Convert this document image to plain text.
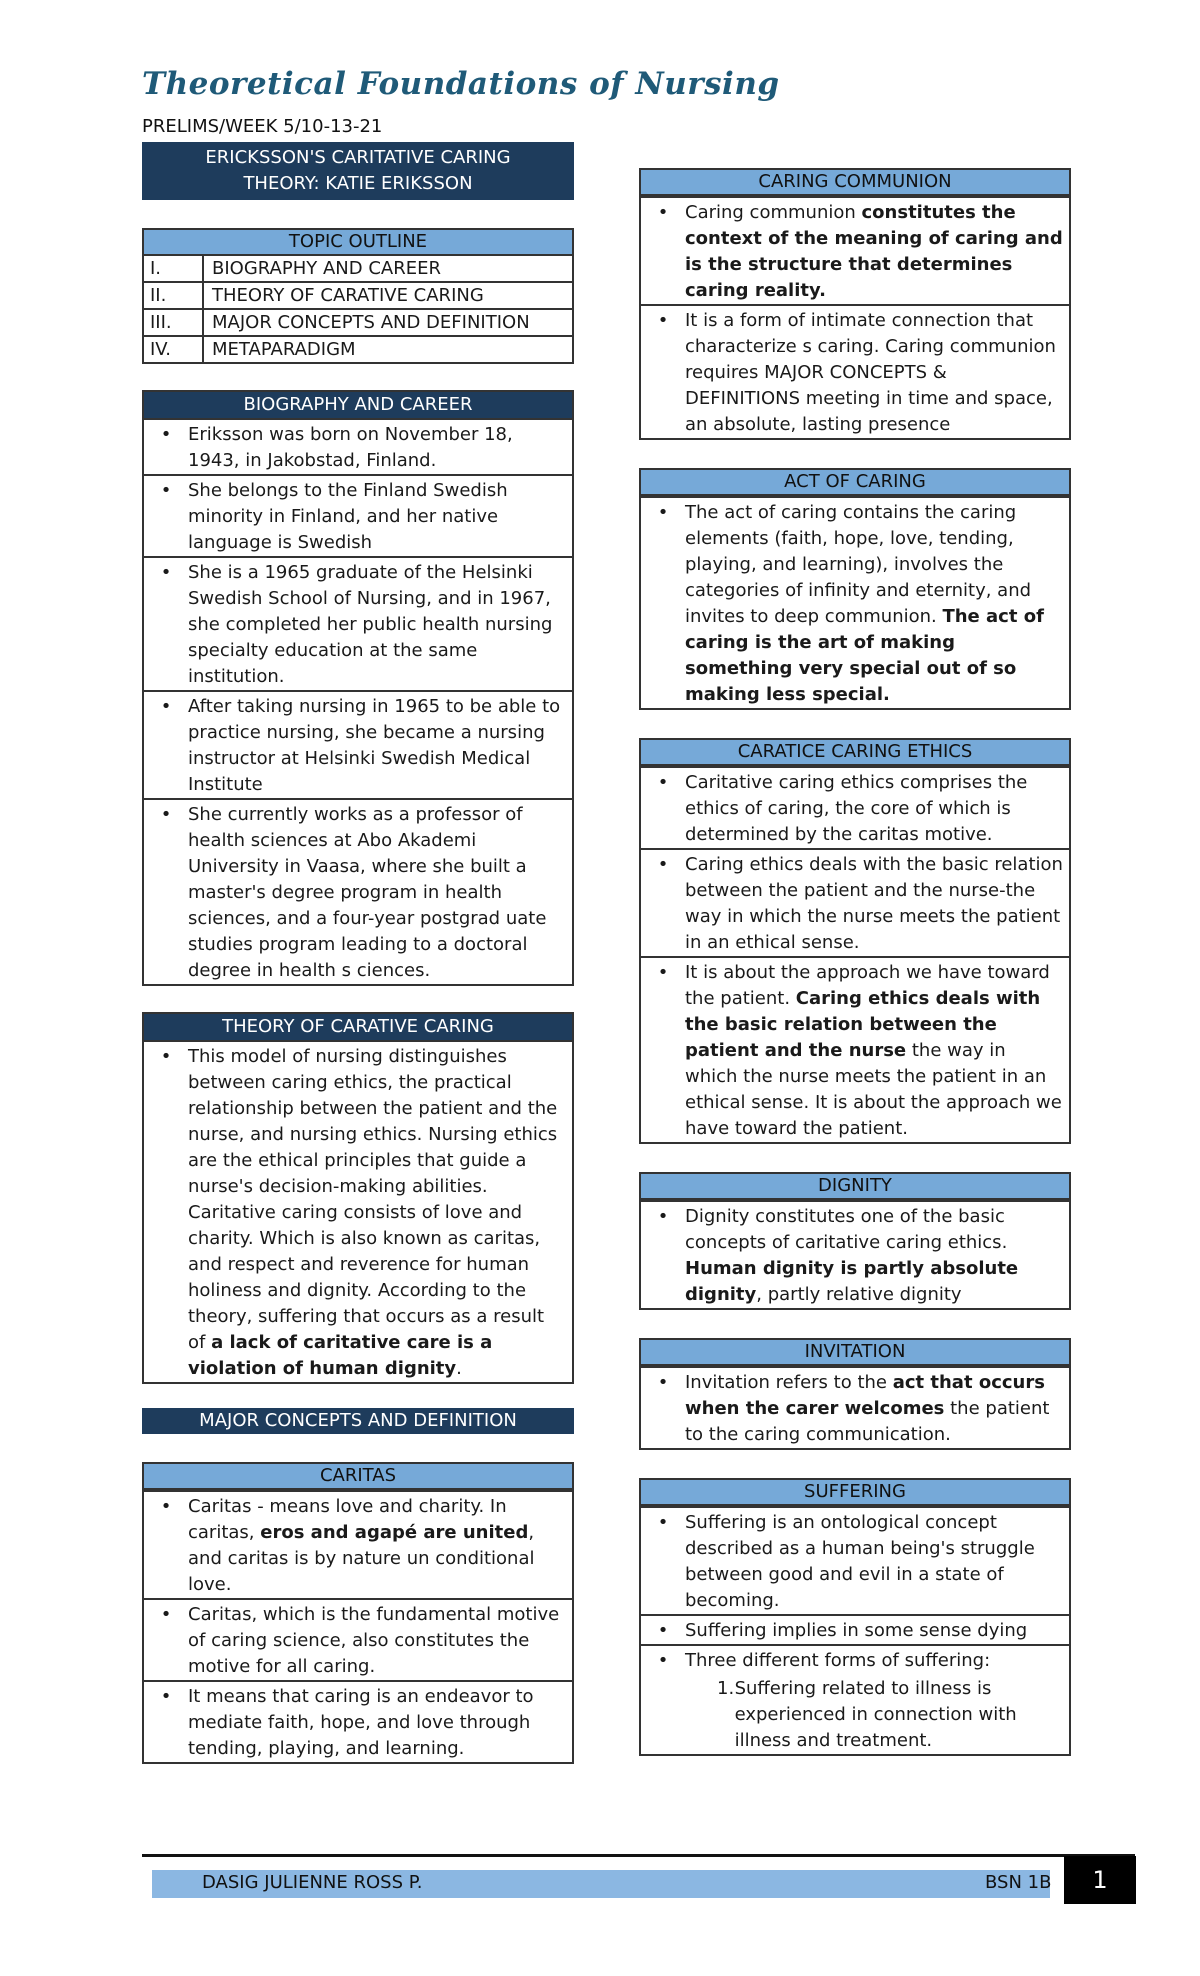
Theoretical Foundations of Nursing
PRELIMS/WEEK 5/10-13-21
ERICKSSON'S CARITATIVE CARING
THEORY: KATIE ERIKSSON
TOPIC OUTLINE
I.	BIOGRAPHY AND CAREER
II.	THEORY OF CARATIVE CARING
III.	MAJOR CONCEPTS AND DEFINITION
IV.	METAPARADIGM
BIOGRAPHY AND CAREER
• Eriksson was born on November 18, 1943, in Jakobstad, Finland.
• She belongs to the Finland Swedish minority in Finland, and her native language is Swedish
• She is a 1965 graduate of the Helsinki Swedish School of Nursing, and in 1967, she completed her public health nursing specialty education at the same institution.
• After taking nursing in 1965 to be able to practice nursing, she became a nursing instructor at Helsinki Swedish Medical Institute
• She currently works as a professor of health sciences at Abo Akademi University in Vaasa, where she built a master's degree program in health sciences, and a four-year postgrad uate studies program leading to a doctoral degree in health s ciences.
THEORY OF CARATIVE CARING
• This model of nursing distinguishes between caring ethics, the practical relationship between the patient and the nurse, and nursing ethics. Nursing ethics are the ethical principles that guide a nurse's decision-making abilities. Caritative caring consists of love and charity. Which is also known as caritas, and respect and reverence for human holiness and dignity. According to the theory, suffering that occurs as a result of a lack of caritative care is a violation of human dignity.
MAJOR CONCEPTS AND DEFINITION
CARITAS
• Caritas - means love and charity. In caritas, eros and agapé are united, and caritas is by nature un conditional love.
• Caritas, which is the fundamental motive of caring science, also constitutes the motive for all caring.
• It means that caring is an endeavor to mediate faith, hope, and love through tending, playing, and learning.
CARING COMMUNION
• Caring communion constitutes the context of the meaning of caring and is the structure that determines caring reality.
• It is a form of intimate connection that characterize s caring. Caring communion requires MAJOR CONCEPTS & DEFINITIONS meeting in time and space, an absolute, lasting presence
ACT OF CARING
• The act of caring contains the caring elements (faith, hope, love, tending, playing, and learning), involves the categories of infinity and eternity, and invites to deep communion. The act of caring is the art of making something very special out of so making less special.
CARATICE CARING ETHICS
• Caritative caring ethics comprises the ethics of caring, the core of which is determined by the caritas motive.
• Caring ethics deals with the basic relation between the patient and the nurse-the way in which the nurse meets the patient in an ethical sense.
• It is about the approach we have toward the patient. Caring ethics deals with the basic relation between the patient and the nurse the way in which the nurse meets the patient in an ethical sense. It is about the approach we have toward the patient.
DIGNITY
• Dignity constitutes one of the basic concepts of caritative caring ethics. Human dignity is partly absolute dignity, partly relative dignity
INVITATION
• Invitation refers to the act that occurs when the carer welcomes the patient to the caring communication.
SUFFERING
• Suffering is an ontological concept described as a human being's struggle between good and evil in a state of becoming.
• Suffering implies in some sense dying
• Three different forms of suffering:
1. Suffering related to illness is experienced in connection with illness and treatment.
DASIG JULIENNE ROSS P.	BSN 1B	1
